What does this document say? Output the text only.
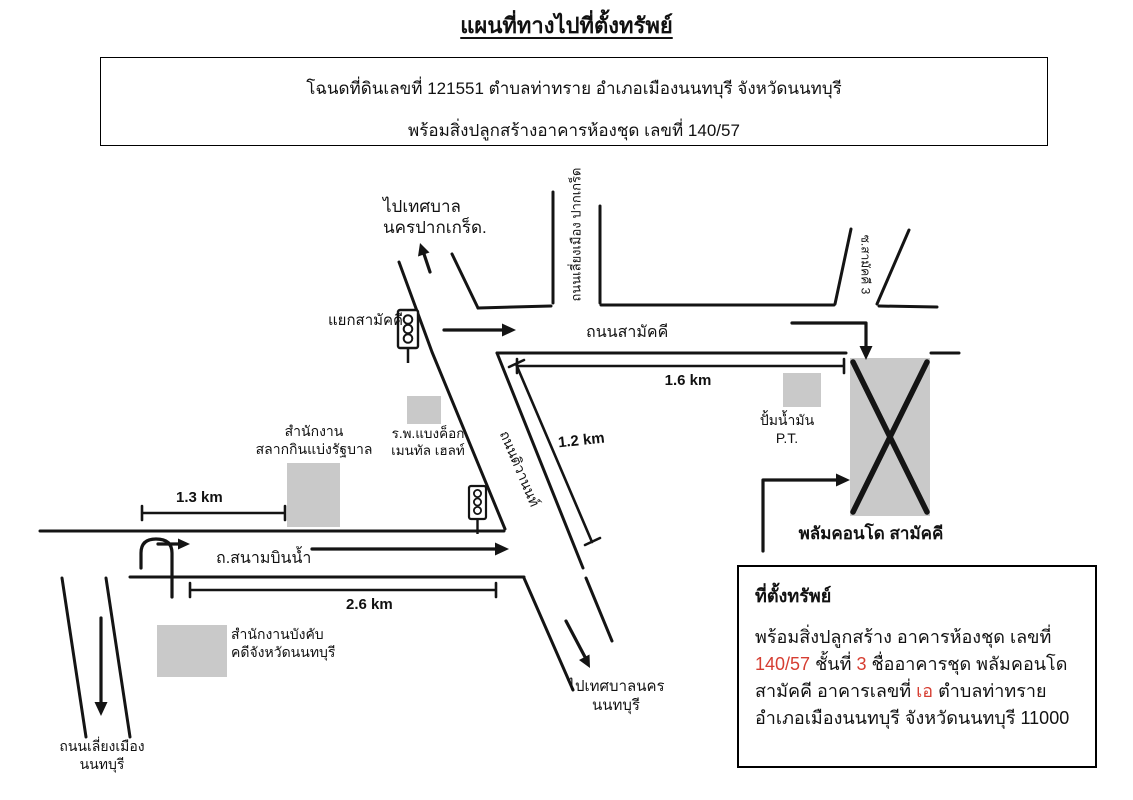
แผนที่ทางไปที่ตั้งทรัพย์
โฉนดที่ดินเลขที่ 121551 ตำบลท่าทราย อำเภอเมืองนนทบุรี จังหวัดนนทบุรี
พร้อมสิ่งปลูกสร้างอาคารห้องชุด เลขที่ 140/57
ไปเทศบาล
นครปากเกร็ด.	ถนนเลี่ยงเมือง ปากเกร็ด	ซ.สามัคคี 3
แยกสามัคคี
ถนนสามัคคี
ถนนติวานนท์
1.6 km
1.2 km
1.3 km
2.6 km
ร.พ.แบงค็อก
เมนทัล เฮลท์
สำนักงาน
สลากกินแบ่งรัฐบาล
ปั้มน้ำมัน
P.T.
พลัมคอนโด สามัคคี
ถ.สนามบินน้ำ
สำนักงานบังคับ
คดีจังหวัดนนทบุรี
ไปเทศบาลนคร
นนทบุรี
ถนนเลี่ยงเมือง
นนทบุรี
ที่ตั้งทรัพย์
พร้อมสิ่งปลูกสร้าง อาคารห้องชุด เลขที่ 140/57 ชั้นที่ 3 ชื่ออาคารชุด พลัมคอนโดสามัคคี อาคารเลขที่ เอ ตำบลท่าทราย อำเภอเมืองนนทบุรี จังหวัดนนทบุรี 11000
